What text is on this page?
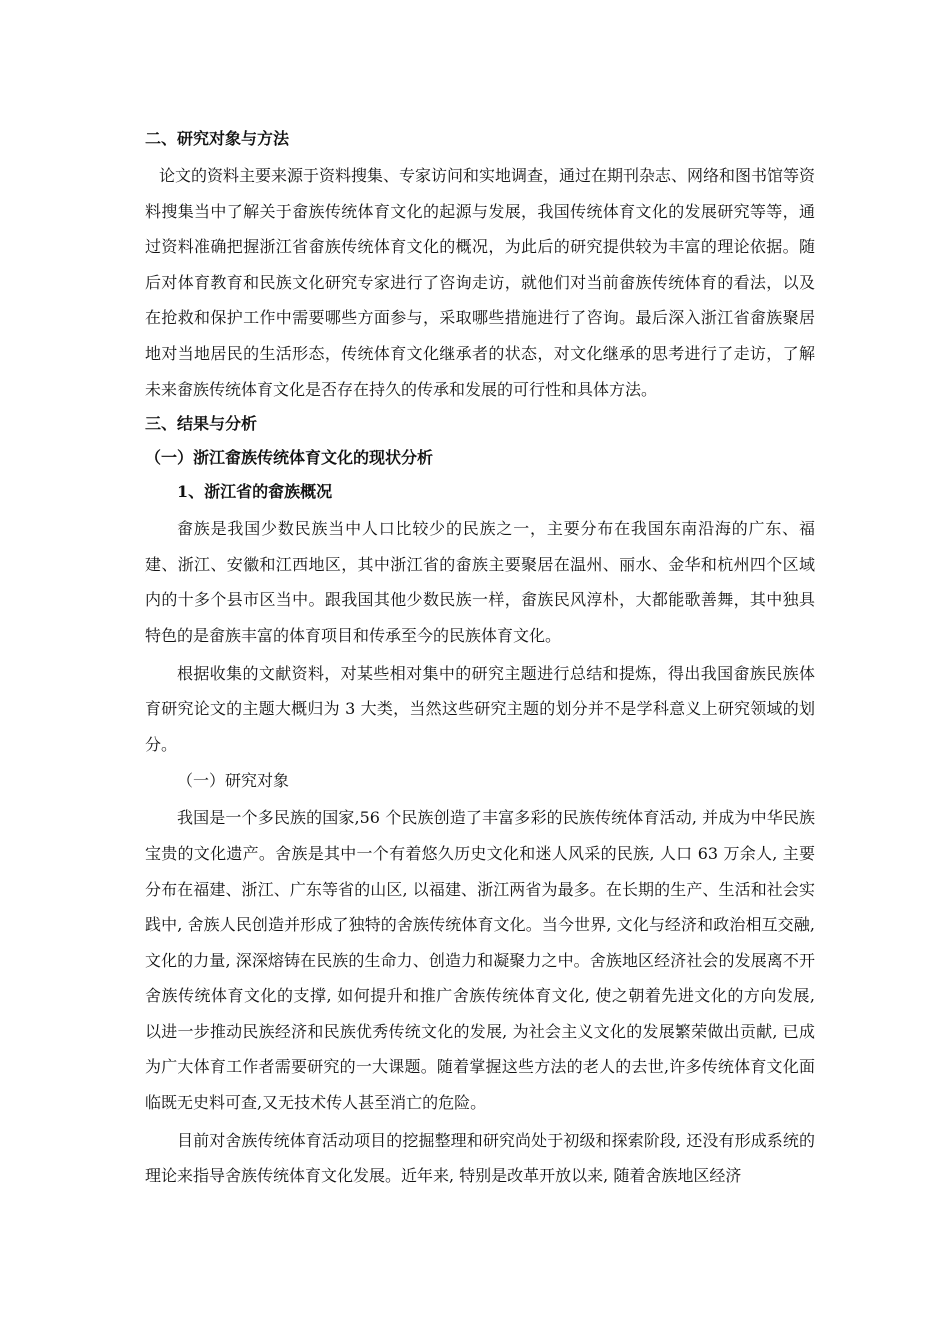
二、研究对象与方法

论文的资料主要来源于资料搜集、专家访问和实地调查，通过在期刊杂志、网络和图书馆等资料搜集当中了解关于畲族传统体育文化的起源与发展，我国传统体育文化的发展研究等等，通过资料准确把握浙江省畲族传统体育文化的概况，为此后的研究提供较为丰富的理论依据。随后对体育教育和民族文化研究专家进行了咨询走访，就他们对当前畲族传统体育的看法，以及在抢救和保护工作中需要哪些方面参与，采取哪些措施进行了咨询。最后深入浙江省畲族聚居地对当地居民的生活形态，传统体育文化继承者的状态，对文化继承的思考进行了走访，了解未来畲族传统体育文化是否存在持久的传承和发展的可行性和具体方法。

三、结果与分析
（一）浙江畲族传统体育文化的现状分析
1、浙江省的畲族概况

畲族是我国少数民族当中人口比较少的民族之一，主要分布在我国东南沿海的广东、福建、浙江、安徽和江西地区，其中浙江省的畲族主要聚居在温州、丽水、金华和杭州四个区域内的十多个县市区当中。跟我国其他少数民族一样，畲族民风淳朴，大都能歌善舞，其中独具特色的是畲族丰富的体育项目和传承至今的民族体育文化。

根据收集的文献资料，对某些相对集中的研究主题进行总结和提炼，得出我国畲族民族体育研究论文的主题大概归为 3 大类，当然这些研究主题的划分并不是学科意义上研究领域的划分。

（一）研究对象

我国是一个多民族的国家,56 个民族创造了丰富多彩的民族传统体育活动, 并成为中华民族宝贵的文化遗产。舍族是其中一个有着悠久历史文化和迷人风采的民族, 人口 63 万余人, 主要分布在福建、浙江、广东等省的山区, 以福建、浙江两省为最多。在长期的生产、生活和社会实践中, 舍族人民创造并形成了独特的舍族传统体育文化。当今世界, 文化与经济和政治相互交融, 文化的力量, 深深熔铸在民族的生命力、创造力和凝聚力之中。舍族地区经济社会的发展离不开舍族传统体育文化的支撑, 如何提升和推广舍族传统体育文化, 使之朝着先进文化的方向发展, 以进一步推动民族经济和民族优秀传统文化的发展, 为社会主义文化的发展繁荣做出贡献, 已成为广大体育工作者需要研究的一大课题。随着掌握这些方法的老人的去世,许多传统体育文化面临既无史料可查,又无技术传人甚至消亡的危险。

目前对舍族传统体育活动项目的挖掘整理和研究尚处于初级和探索阶段, 还没有形成系统的理论来指导舍族传统体育文化发展。近年来, 特别是改革开放以来, 随着舍族地区经济
